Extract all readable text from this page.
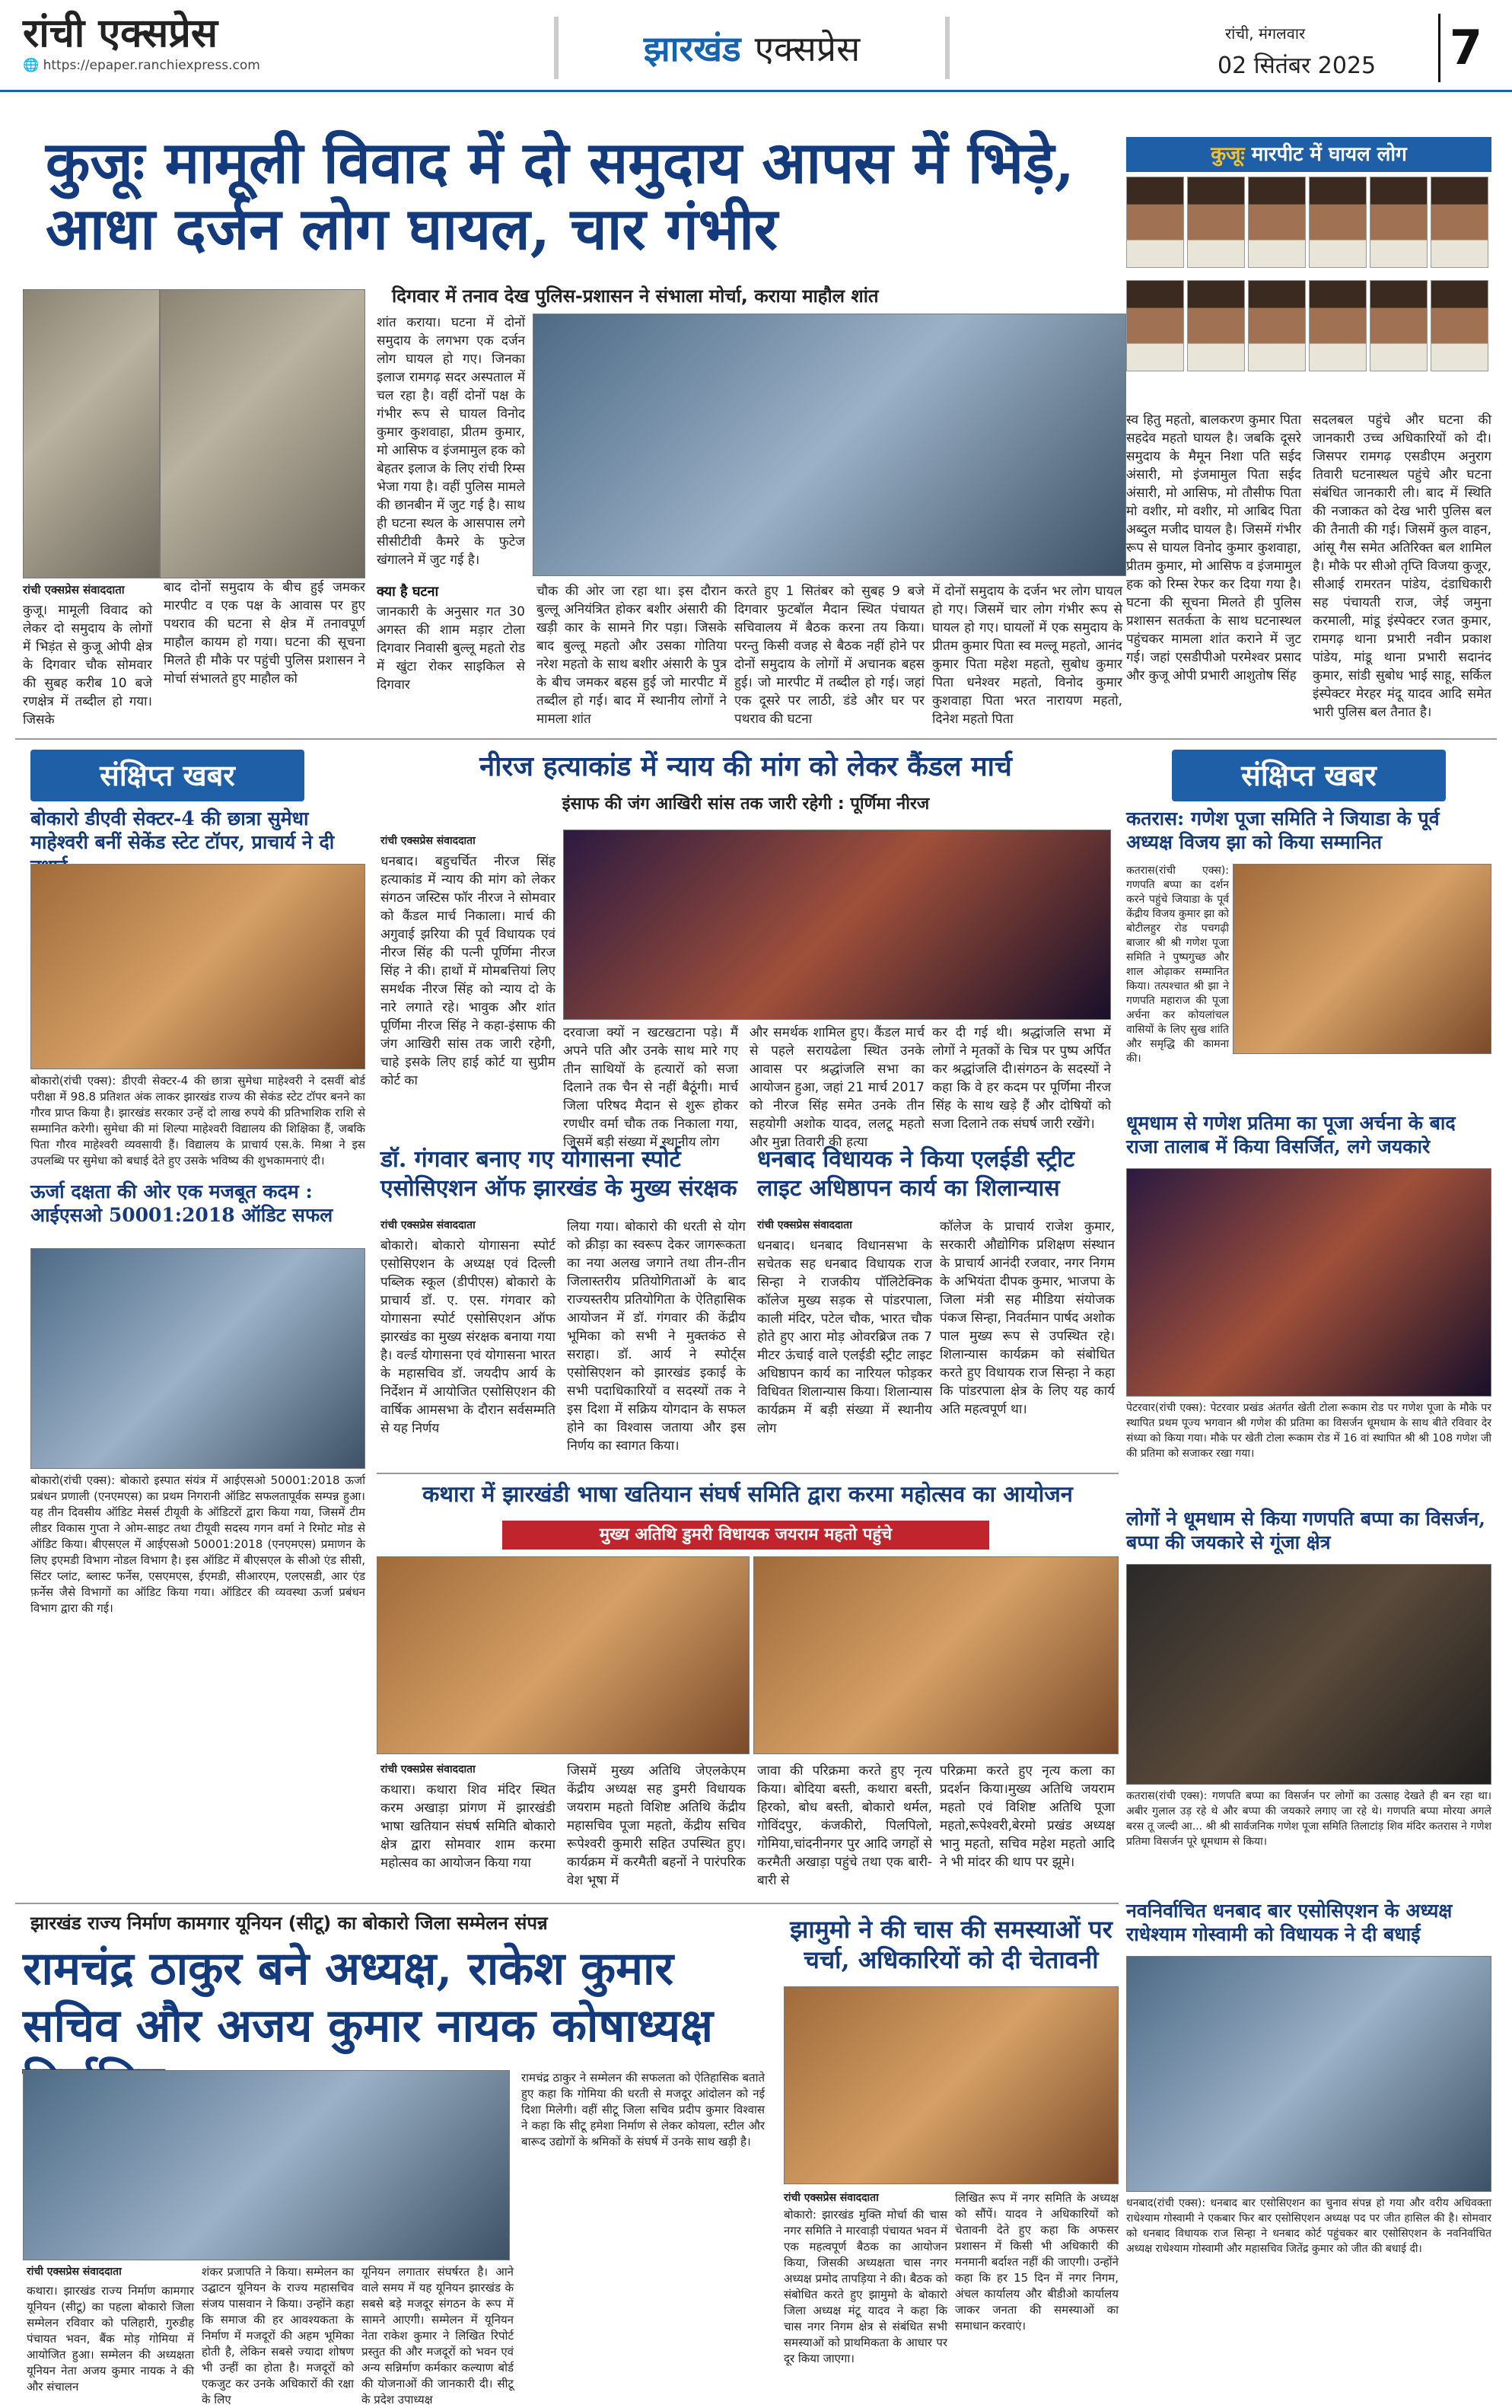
रांची एक्सप्रेस
🌐 https://epaper.ranchiexpress.com	झारखंड एक्सप्रेस	रांची, मंगलवार
02 सितंबर 2025 7
कुजूः मामूली विवाद में दो समुदाय आपस में भिड़े, आधा दर्जन लोग घायल, चार गंभीर
दिगवार में तनाव देख पुलिस-प्रशासन ने संभाला मोर्चा, कराया माहौल शांत
कुजूः मारपीट में घायल लोग
रांची एक्सप्रेस संवाददाता
कुजू। मामूली विवाद को लेकर दो समुदाय के लोगों में भिड़ंत से कुजू ओपी क्षेत्र के दिगवार चौक सोमवार की सुबह करीब 10 बजे रणक्षेत्र में तब्दील हो गया। जिसके
बाद दोनों समुदाय के बीच हुई जमकर मारपीट व एक पक्ष के आवास पर हुए पथराव की घटना से क्षेत्र में तनावपूर्ण माहौल कायम हो गया। घटना की सूचना मिलते ही मौके पर पहुंची पुलिस प्रशासन ने मोर्चा संभालते हुए माहौल को
शांत कराया। घटना में दोनों समुदाय के लगभग एक दर्जन लोग घायल हो गए। जिनका इलाज रामगढ़ सदर अस्पताल में चल रहा है। वहीं दोनों पक्ष के गंभीर रूप से घायल विनोद कुमार कुशवाहा, प्रीतम कुमार, मो आसिफ व इंजमामुल हक को बेहतर इलाज के लिए रांची रिम्स भेजा गया है। वहीं पुलिस मामले की छानबीन में जुट गई है। साथ ही घटना स्थल के आसपास लगे सीसीटीवी कैमरे के फुटेज खंगालने में जुट गई है।
क्या है घटना
जानकारी के अनुसार गत 30 अगस्त की शाम मड़ार टोला दिगवार निवासी बुल्लू महतो रोड में खुंटा रोकर साइकिल से दिगवार
चौक की ओर जा रहा था। इस दौरान बुल्लू अनियंत्रित होकर बशीर अंसारी की खड़ी कार के सामने गिर पड़ा। जिसके बाद बुल्लू महतो और उसका गोतिया नरेश महतो के साथ बशीर अंसारी के पुत्र के बीच जमकर बहस हुई जो मारपीट में तब्दील हो गई। बाद में स्थानीय लोगों ने मामला शांत
करते हुए 1 सितंबर को सुबह 9 बजे दिगवार फुटबॉल मैदान स्थित पंचायत सचिवालय में बैठक करना तय किया। परन्तु किसी वजह से बैठक नहीं होने पर दोनों समुदाय के लोगों में अचानक बहस हुई। जो मारपीट में तब्दील हो गई। जहां एक दूसरे पर लाठी, डंडे और घर पर पथराव की घटना
में दोनों समुदाय के दर्जन भर लोग घायल हो गए। जिसमें चार लोग गंभीर रूप से घायल हो गए। घायलों में एक समुदाय के प्रीतम कुमार पिता स्व मल्लू महतो, आनंद कुमार पिता महेश महतो, सुबोध कुमार पिता धनेश्वर महतो, विनोद कुमार कुशवाहा पिता भरत नारायण महतो, दिनेश महतो पिता
स्व हितु महतो, बालकरण कुमार पिता सहदेव महतो घायल है। जबकि दूसरे समुदाय के मैमून निशा पति सईद अंसारी, मो इंजमामुल पिता सईद अंसारी, मो आसिफ, मो तौसीफ पिता मो वशीर, मो वशीर, मो आबिद पिता अब्दुल मजीद घायल है। जिसमें गंभीर रूप से घायल विनोद कुमार कुशवाहा, प्रीतम कुमार, मो आसिफ व इंजमामुल हक को रिम्स रेफर कर दिया गया है। घटना की सूचना मिलते ही पुलिस प्रशासन सतर्कता के साथ घटनास्थल पहुंचकर मामला शांत कराने में जुट गई। जहां एसडीपीओ परमेश्वर प्रसाद और कुजू ओपी प्रभारी आशुतोष सिंह
सदलबल पहुंचे और घटना की जानकारी उच्च अधिकारियों को दी। जिसपर रामगढ़ एसडीएम अनुराग तिवारी घटनास्थल पहुंचे और घटना संबंधित जानकारी ली। बाद में स्थिति की नजाकत को देख भारी पुलिस बल की तैनाती की गई। जिसमें कुल वाहन, आंसू गैस समेत अतिरिक्त बल शामिल है। मौके पर सीओ तृप्ति विजया कुजूर, सीआई रामरतन पांडेय, दंडाधिकारी सह पंचायती राज, जेई जमुना करमाली, मांडू इंस्पेक्टर रजत कुमार, रामगढ़ थाना प्रभारी नवीन प्रकाश पांडेय, मांडू थाना प्रभारी सदानंद कुमार, सांडी सुबोध भाई साहू, सर्किल इंस्पेक्टर मेरहर मंदू यादव आदि समेत भारी पुलिस बल तैनात है।
संक्षिप्त खबर
बोकारो डीएवी सेक्टर-4 की छात्रा सुमेधा माहेश्वरी बनीं सेकेंड स्टेट टॉपर, प्राचार्य ने दी
बोकारो(रांची एक्स): डीएवी सेक्टर-4 की छात्रा सुमेधा माहेश्वरी ने दसवीं बोर्ड परीक्षा में 98.8 प्रतिशत अंक लाकर झारखंड राज्य की सेकंड स्टेट टॉपर बनने का गौरव प्राप्त किया है। झारखंड सरकार उन्हें दो लाख रुपये की प्रतिभाशिक राशि से सम्मानित करेगी। सुमेधा की मां शिल्पा माहेश्वरी विद्यालय की शिक्षिका हैं, जबकि पिता गौरव माहेश्वरी व्यवसायी हैं। विद्यालय के प्राचार्य एस.के. मिश्रा ने इस उपलब्धि पर सुमेधा को बधाई देते हुए उसके भविष्य की शुभकामनाएं दी।
ऊर्जा दक्षता की ओर एक मजबूत कदम : आईएसओ 50001:2018 ऑडिट सफल
बोकारो(रांची एक्स): बोकारो इस्पात संयंत्र में आईएसओ 50001:2018 ऊर्जा प्रबंधन प्रणाली (एनएमएस) का प्रथम निगरानी ऑडिट सफलतापूर्वक सम्पन्न हुआ। यह तीन दिवसीय ऑडिट मेसर्स टीयूवी के ऑडिटरों द्वारा किया गया, जिसमें टीम लीडर विकास गुप्ता ने ओम-साइट तथा टीयूवी सदस्य गगन वर्मा ने रिमोट मोड से ऑडिट किया। बीएसएल में आईएसओ 50001:2018 (एनएमएस) प्रमाणन के लिए इएमडी विभाग नोडल विभाग है। इस ऑडिट में बीएसएल के सीओ एंड सीसी, सिंटर प्लांट, ब्लास्ट फर्नेस, एसएमएस, ईएमडी, सीआरएम, एलएसडी, आर एंड फ़र्नेस जैसे विभागों का ऑडिट किया गया। ऑडिटर की व्यवस्था ऊर्जा प्रबंधन विभाग द्वारा की गई।
नीरज हत्याकांड में न्याय की मांग को लेकर कैंडल मार्च
इंसाफ की जंग आखिरी सांस तक जारी रहेगी : पूर्णिमा नीरज
रांची एक्सप्रेस संवाददाता
धनबाद। बहुचर्चित नीरज सिंह हत्याकांड में न्याय की मांग को लेकर संगठन जस्टिस फॉर नीरज ने सोमवार को कैंडल मार्च निकाला। मार्च की अगुवाई झरिया की पूर्व विधायक एवं नीरज सिंह की पत्नी पूर्णिमा नीरज सिंह ने की। हाथों में मोमबत्तियां लिए समर्थक नीरज सिंह को न्याय दो के नारे लगाते रहे। भावुक और शांत पूर्णिमा नीरज सिंह ने कहा-इंसाफ की जंग आखिरी सांस तक जारी रहेगी, चाहे इसके लिए हाई कोर्ट या सुप्रीम कोर्ट का
दरवाजा क्यों न खटखटाना पड़े। मैं अपने पति और उनके साथ मारे गए तीन साथियों के हत्यारों को सजा दिलाने तक चैन से नहीं बैठूंगी। मार्च जिला परिषद मैदान से शुरू होकर रणधीर वर्मा चौक तक निकाला गया, जिसमें बड़ी संख्या में स्थानीय लोग
और समर्थक शामिल हुए। कैंडल मार्च से पहले सरायढेला स्थित उनके आवास पर श्रद्धांजलि सभा का आयोजन हुआ, जहां 21 मार्च 2017 को नीरज सिंह समेत उनके तीन सहयोगी अशोक यादव, ललटू महतो और मुन्ना तिवारी की हत्या
कर दी गई थी। श्रद्धांजलि सभा में लोगों ने मृतकों के चित्र पर पुष्प अर्पित कर श्रद्धांजलि दी।संगठन के सदस्यों ने कहा कि वे हर कदम पर पूर्णिमा नीरज सिंह के साथ खड़े हैं और दोषियों को सजा दिलाने तक संघर्ष जारी रखेंगे।
डॉ. गंगवार बनाए गए योगासना स्पोर्ट एसोसिएशन ऑफ झारखंड के मुख्य संरक्षक
रांची एक्सप्रेस संवाददाता
बोकारो। बोकारो योगासना स्पोर्ट एसोसिएशन के अध्यक्ष एवं दिल्ली पब्लिक स्कूल (डीपीएस) बोकारो के प्राचार्य डॉ. ए. एस. गंगवार को योगासना स्पोर्ट एसोसिएशन ऑफ झारखंड का मुख्य संरक्षक बनाया गया है। वर्ल्ड योगासना एवं योगासना भारत के महासचिव डॉ. जयदीप आर्य के निर्देशन में आयोजित एसोसिएशन की वार्षिक आमसभा के दौरान सर्वसम्मति से यह निर्णय
लिया गया। बोकारो की धरती से योग को क्रीड़ा का स्वरूप देकर जागरूकता का नया अलख जगाने तथा तीन-तीन जिलास्तरीय प्रतियोगिताओं के बाद राज्यस्तरीय प्रतियोगिता के ऐतिहासिक आयोजन में डॉ. गंगवार की केंद्रीय भूमिका को सभी ने मुक्तकंठ से सराहा। डॉ. आर्य ने स्पोर्ट्स एसोसिएशन को झारखंड इकाई के सभी पदाधिकारियों व सदस्यों तक ने इस दिशा में सक्रिय योगदान के सफल होने का विश्वास जताया और इस निर्णय का स्वागत किया।
धनबाद विधायक ने किया एलईडी स्ट्रीट लाइट अधिष्ठापन कार्य का शिलान्यास
रांची एक्सप्रेस संवाददाता
धनबाद। धनबाद विधानसभा के सचेतक सह धनबाद विधायक राज सिन्हा ने राजकीय पॉलिटेक्निक कॉलेज मुख्य सड़क से पांडरपाला, काली मंदिर, पटेल चौक, भारत चौक होते हुए आरा मोड़ ओवरब्रिज तक 7 मीटर ऊंचाई वाले एलईडी स्ट्रीट लाइट अधिष्ठापन कार्य का नारियल फोड़कर विधिवत शिलान्यास किया। शिलान्यास कार्यक्रम में बड़ी संख्या में स्थानीय लोग
कॉलेज के प्राचार्य राजेश कुमार, सरकारी औद्योगिक प्रशिक्षण संस्थान के प्राचार्य आनंदी रजवार, नगर निगम के अभियंता दीपक कुमार, भाजपा के जिला मंत्री सह मीडिया संयोजक पंकज सिन्हा, निवर्तमान पार्षद अशोक पाल मुख्य रूप से उपस्थित रहे। शिलान्यास कार्यक्रम को संबोधित करते हुए विधायक राज सिन्हा ने कहा कि पांडरपाला क्षेत्र के लिए यह कार्य अति महत्वपूर्ण था।
संक्षिप्त खबर
कतरास: गणेश पूजा समिति ने जियाडा के पूर्व अध्यक्ष विजय झा को किया सम्मानित
कतरास(रांची एक्स): गणपति बप्पा का दर्शन करने पहुंचे जियाडा के पूर्व केंद्रीय विजय कुमार झा को बोटीलहुर रोड पचगढ़ी बाजार श्री श्री गणेश पूजा समिति ने पुष्पगुच्छ और शाल ओढ़ाकर सम्मानित किया। तत्पश्चात श्री झा ने गणपति महाराज की पूजा अर्चना कर कोयलांचल वासियों के लिए सुख शांति और समृद्धि की कामना की।
धूमधाम से गणेश प्रतिमा का पूजा अर्चना के बाद राजा तालाब में किया विसर्जित, लगे जयकारे
पेटरवार(रांची एक्स): पेटरवार प्रखंड अंतर्गत खेती टोला रूकाम रोड पर गणेश पूजा के मौके पर स्थापित प्रथम पूज्य भगवान श्री गणेश की प्रतिमा का विसर्जन धूमधाम के साथ बीते रविवार देर संध्या को किया गया। मौके पर खेती टोला रूकाम रोड में 16 वां स्थापित श्री श्री 108 गणेश जी की प्रतिमा को सजाकर रखा गया।
लोगों ने धूमधाम से किया गणपति बप्पा का विसर्जन, बप्पा की जयकारे से गूंजा क्षेत्र
कतरास(रांची एक्स): गणपति बप्पा का विसर्जन पर लोगों का उत्साह देखते ही बन रहा था। अबीर गुलाल उड़ रहे थे और बप्पा की जयकारे लगाए जा रहे थे। गणपति बप्पा मोरया अगले बरस तू जल्दी आ... श्री श्री सार्वजनिक गणेश पूजा समिति तिलाटांड़ शिव मंदिर कतरास ने गणेश प्रतिमा विसर्जन पूरे धूमधाम से किया।
नवनिर्वाचित धनबाद बार एसोसिएशन के अध्यक्ष राधेश्याम गोस्वामी को विधायक ने दी बधाई
धनबाद(रांची एक्स): धनबाद बार एसोसिएशन का चुनाव संपन्न हो गया और वरीय अधिवक्ता राधेश्याम गोस्वामी ने एकबार फिर बार एसोसिएशन अध्यक्ष पद पर जीत हासिल की है। सोमवार को धनबाद विधायक राज सिन्हा ने धनबाद कोर्ट पहुंचकर बार एसोसिएशन के नवनिर्वाचित अध्यक्ष राधेश्याम गोस्वामी और महासचिव जितेंद्र कुमार को जीत की बधाई दी।
कथारा में झारखंडी भाषा खतियान संघर्ष समिति द्वारा करमा महोत्सव का आयोजन
मुख्य अतिथि डुमरी विधायक जयराम महतो पहुंचे
रांची एक्सप्रेस संवाददाता
कथारा। कथारा शिव मंदिर स्थित करम अखाड़ा प्रांगण में झारखंडी भाषा खतियान संघर्ष समिति बोकारो क्षेत्र द्वारा सोमवार शाम करमा महोत्सव का आयोजन किया गया
जिसमें मुख्य अतिथि जेएलकेएम केंद्रीय अध्यक्ष सह डुमरी विधायक जयराम महतो विशिष्ट अतिथि केंद्रीय महासचिव पूजा महतो, केंद्रीय सचिव रूपेश्वरी कुमारी सहित उपस्थित हुए।कार्यक्रम में करमैती बहनों ने पारंपरिक वेश भूषा में
जावा की परिक्रमा करते हुए नृत्य किया। बोदिया बस्ती, कथारा बस्ती, हिरको, बोध बस्ती, बोकारो थर्मल, गोविंदपुर, कंजकीरो, पिलपिलो, गोमिया,चांदनीनगर पुर आदि जगहों से करमैती अखाड़ा पहुंचे तथा एक बारी-बारी से
परिक्रमा करते हुए नृत्य कला का प्रदर्शन किया।मुख्य अतिथि जयराम महतो एवं विशिष्ट अतिथि पूजा महतो,रूपेश्वरी,बेरमो प्रखंड अध्यक्ष भानु महतो, सचिव महेश महतो आदि ने भी मांदर की थाप पर झूमे।
झारखंड राज्य निर्माण कामगार यूनियन (सीटू) का बोकारो जिला सम्मेलन संपन्न
रामचंद्र ठाकुर बने अध्यक्ष, राकेश कुमार सचिव और अजय कुमार नायक कोषाध्यक्ष
रांची एक्सप्रेस संवाददाता
कथारा। झारखंड राज्य निर्माण कामगार यूनियन (सीटू) का पहला बोकारो जिला सम्मेलन रविवार को पलिहारी, गुरुडीह पंचायत भवन, बैंक मोड़ गोमिया में आयोजित हुआ। सम्मेलन की अध्यक्षता यूनियन नेता अजय कुमार नायक ने की और संचालन
शंकर प्रजापति ने किया। सम्मेलन का उद्घाटन यूनियन के राज्य महासचिव संजय पासवान ने किया। उन्होंने कहा कि समाज की हर आवश्यकता के निर्माण में मजदूरों की अहम भूमिका होती है, लेकिन सबसे ज्यादा शोषण भी उन्हीं का होता है। मजदूरों को एकजुट कर उनके अधिकारों की रक्षा के लिए
यूनियन लगातार संघर्षरत है। आने वाले समय में यह यूनियन झारखंड के सबसे बड़े मजदूर संगठन के रूप में सामने आएगी। सम्मेलन में यूनियन नेता राकेश कुमार ने लिखित रिपोर्ट प्रस्तुत की और मजदूरों को भवन एवं अन्य सन्निर्माण कर्मकार कल्याण बोर्ड की योजनाओं की जानकारी दी। सीटू के प्रदेश उपाध्यक्ष
रामचंद्र ठाकुर ने सम्मेलन की सफलता को ऐतिहासिक बताते हुए कहा कि गोमिया की धरती से मजदूर आंदोलन को नई दिशा मिलेगी। वहीं सीटू जिला सचिव प्रदीप कुमार विश्वास ने कहा कि सीटू हमेशा निर्माण से लेकर कोयला, स्टील और बारूद उद्योगों के श्रमिकों के संघर्ष में उनके साथ खड़ी है।
झामुमो ने की चास की समस्याओं पर चर्चा, अधिकारियों को दी चेतावनी
रांची एक्सप्रेस संवाददाता
बोकारो: झारखंड मुक्ति मोर्चा की चास नगर समिति ने मारवाड़ी पंचायत भवन में एक महत्वपूर्ण बैठक का आयोजन किया, जिसकी अध्यक्षता चास नगर अध्यक्ष प्रमोद तापड़िया ने की। बैठक को संबोधित करते हुए झामुमो के बोकारो जिला अध्यक्ष मंटू यादव ने कहा कि चास नगर निगम क्षेत्र से संबंधित सभी समस्याओं को प्राथमिकता के आधार पर दूर किया जाएगा।
लिखित रूप में नगर समिति के अध्यक्ष को सौंपें। यादव ने अधिकारियों को चेतावनी देते हुए कहा कि अफसर प्रशासन में किसी भी अधिकारी की मनमानी बर्दाश्त नहीं की जाएगी। उन्होंने कहा कि हर 15 दिन में नगर निगम, अंचल कार्यालय और बीडीओ कार्यालय जाकर जनता की समस्याओं का समाधान करवाएं।
